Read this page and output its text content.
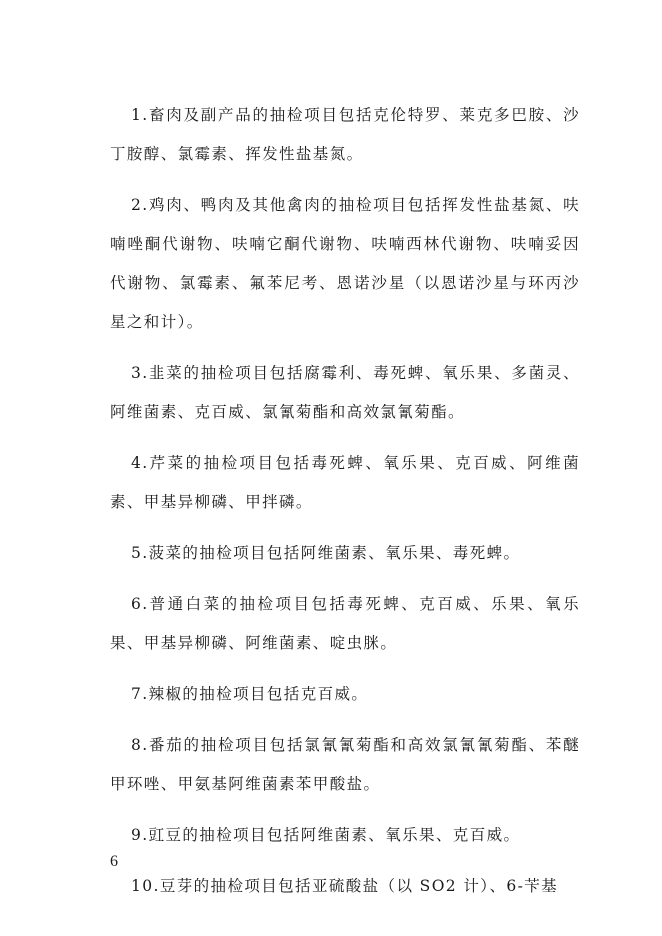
1.畜肉及副产品的抽检项目包括克伦特罗、莱克多巴胺、沙丁胺醇、氯霉素、挥发性盐基氮。

2.鸡肉、鸭肉及其他禽肉的抽检项目包括挥发性盐基氮、呋喃唑酮代谢物、呋喃它酮代谢物、呋喃西林代谢物、呋喃妥因代谢物、氯霉素、氟苯尼考、恩诺沙星（以恩诺沙星与环丙沙星之和计）。

3.韭菜的抽检项目包括腐霉利、毒死蜱、氧乐果、多菌灵、阿维菌素、克百威、氯氰菊酯和高效氯氰菊酯。

4.芹菜的抽检项目包括毒死蜱、氧乐果、克百威、阿维菌素、甲基异柳磷、甲拌磷。

5.菠菜的抽检项目包括阿维菌素、氧乐果、毒死蜱。

6.普通白菜的抽检项目包括毒死蜱、克百威、乐果、氧乐果、甲基异柳磷、阿维菌素、啶虫脒。

7.辣椒的抽检项目包括克百威。

8.番茄的抽检项目包括氯氰氰菊酯和高效氯氰氰菊酯、苯醚甲环唑、甲氨基阿维菌素苯甲酸盐。

9.豇豆的抽检项目包括阿维菌素、氧乐果、克百威。

10.豆芽的抽检项目包括亚硫酸盐（以 SO2 计）、6-苄基

6
